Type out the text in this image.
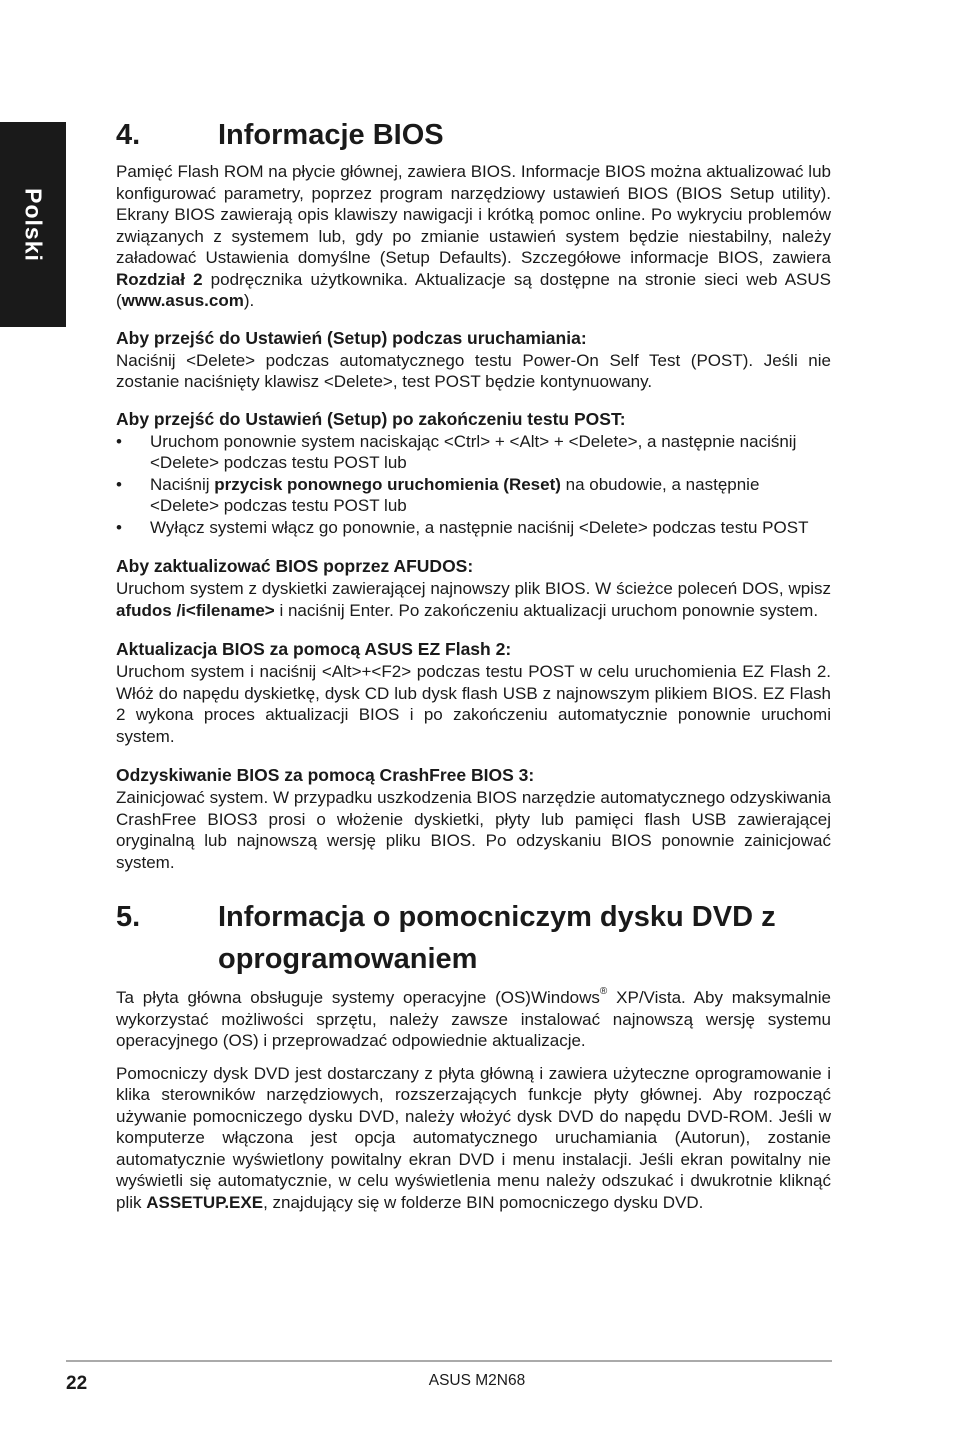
Polski
4.	Informacje BIOS

Pamięć Flash ROM na płycie głównej, zawiera BIOS. Informacje BIOS można aktualizować lub konfigurować parametry, poprzez program narzędziowy ustawień BIOS (BIOS Setup utility). Ekrany BIOS zawierają opis klawiszy nawigacji i krótką pomoc online. Po wykryciu problemów związanych z systemem lub, gdy po zmianie ustawień system będzie niestabilny, należy załadować Ustawienia domyślne (Setup Defaults). Szczegółowe informacje BIOS, zawiera Rozdział 2 podręcznika użytkownika. Aktualizacje są dostępne na stronie sieci web ASUS (www.asus.com).

Aby przejść do Ustawień (Setup) podczas uruchamiania:

Naciśnij <Delete> podczas automatycznego testu Power-On Self Test (POST). Jeśli nie zostanie naciśnięty klawisz <Delete>, test POST będzie kontynuowany.

Aby przejść do Ustawień (Setup) po zakończeniu testu POST:
• Uruchom ponownie system naciskając <Ctrl> + <Alt> + <Delete>, a następnie naciśnij <Delete> podczas testu POST lub
• Naciśnij przycisk ponownego uruchomienia (Reset) na obudowie, a następnie <Delete> podczas testu POST lub
• Wyłącz systemi włącz go ponownie, a następnie naciśnij <Delete> podczas testu POST
Aby zaktualizować BIOS poprzez AFUDOS:

Uruchom system z dyskietki zawierającej najnowszy plik BIOS. W ścieżce poleceń DOS, wpisz afudos /i<filename> i naciśnij Enter. Po zakończeniu aktualizacji uruchom ponownie system.

Aktualizacja BIOS za pomocą ASUS EZ Flash 2:

Uruchom system i naciśnij <Alt>+<F2> podczas testu POST w celu uruchomienia EZ Flash 2. Włóż do napędu dyskietkę, dysk CD lub dysk flash USB z najnowszym plikiem BIOS. EZ Flash 2 wykona proces aktualizacji BIOS i po zakończeniu automatycznie ponownie uruchomi system.

Odzyskiwanie BIOS za pomocą CrashFree BIOS 3:

Zainicjować system. W przypadku uszkodzenia BIOS narzędzie automatycznego odzyskiwania CrashFree BIOS3 prosi o włożenie dyskietki, płyty lub pamięci flash USB zawierającej oryginalną lub najnowszą wersję pliku BIOS. Po odzyskaniu BIOS ponownie zainicjować system.

5.	Informacja o pomocniczym dysku DVD z oprogramowaniem

Ta płyta główna obsługuje systemy operacyjne (OS)Windows® XP/Vista. Aby maksymalnie wykorzystać możliwości sprzętu, należy zawsze instalować najnowszą wersję systemu operacyjnego (OS) i przeprowadzać odpowiednie aktualizacje.

Pomocniczy dysk DVD jest dostarczany z płyta główną i zawiera użyteczne oprogramowanie i klika sterowników narzędziowych, rozszerzających funkcje płyty głównej. Aby rozpocząć używanie pomocniczego dysku DVD, należy włożyć dysk DVD do napędu DVD-ROM. Jeśli w komputerze włączona jest opcja automatycznego uruchamiania (Autorun), zostanie automatycznie wyświetlony powitalny ekran DVD i menu instalacji. Jeśli ekran powitalny nie wyświetli się automatycznie, w celu wyświetlenia menu należy odszukać i dwukrotnie kliknąć plik ASSETUP.EXE, znajdujący się w folderze BIN pomocniczego dysku DVD.

22	ASUS M2N68
